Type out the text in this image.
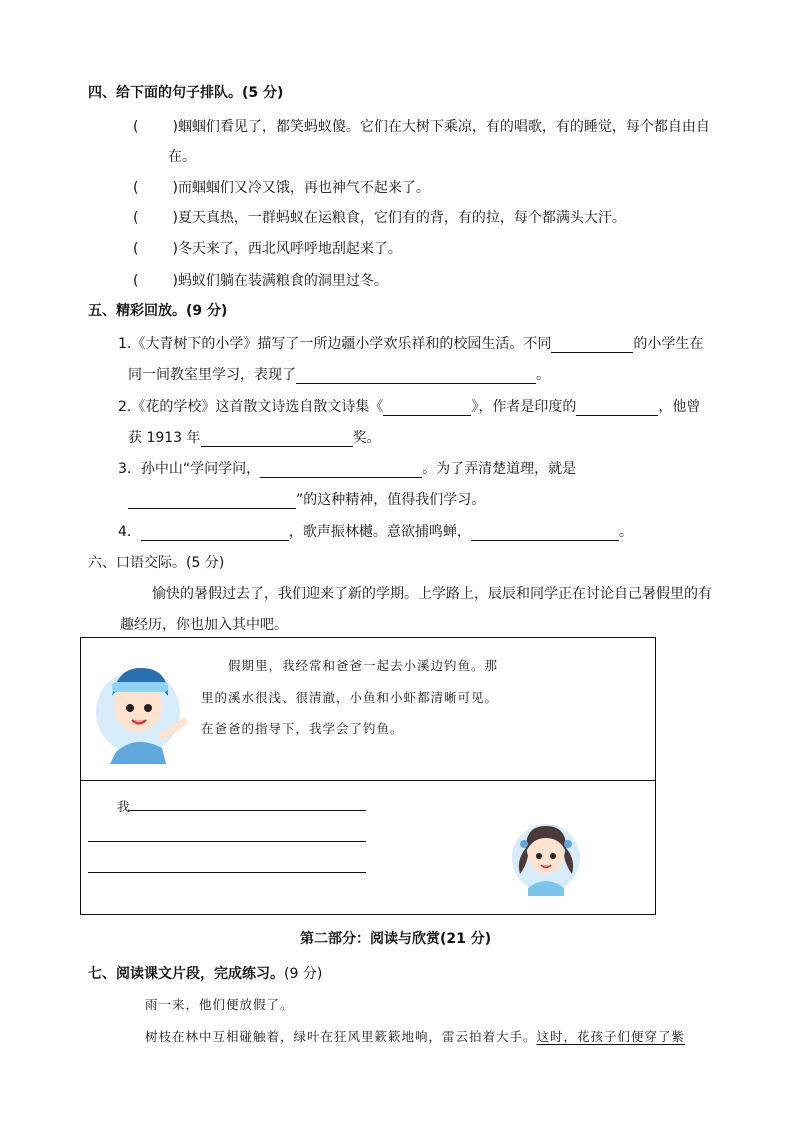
四、给下面的句子排队。(5 分)
( )蝈蝈们看见了，都笑蚂蚁傻。它们在大树下乘凉，有的唱歌，有的睡觉，每个都自由自
在。
( )而蝈蝈们又冷又饿，再也神气不起来了。
( )夏天真热，一群蚂蚁在运粮食，它们有的背，有的拉，每个都满头大汗。
( )冬天来了，西北风呼呼地刮起来了。
( )蚂蚁们躺在装满粮食的洞里过冬。
五、精彩回放。(9 分)
1.《大青树下的小学》描写了一所边疆小学欢乐祥和的校园生活。不同	的小学生在
同一间教室里学习，表现了	。
2.《花的学校》这首散文诗选自散文诗集《	》，作者是印度的	，他曾
获 1913 年	奖。
3．孙中山“学问学问，	。为了弄清楚道理，就是
”的这种精神，值得我们学习。
4．	，歌声振林樾。意欲捕鸣蝉，	。
六、口语交际。(5 分)
愉快的暑假过去了，我们迎来了新的学期。上学路上，辰辰和同学正在讨论自己暑假里的有
趣经历，你也加入其中吧。
假期里，我经常和爸爸一起去小溪边钓鱼。那
里的溪水很浅、很清澈，小鱼和小虾都清晰可见。
在爸爸的指导下，我学会了钓鱼。
我
第二部分：阅读与欣赏(21 分)
七、阅读课文片段，完成练习。(9 分)
雨一来，他们便放假了。
树枝在林中互相碰触着，绿叶在狂风里簌簌地响，雷云拍着大手。这时，花孩子们便穿了紫
